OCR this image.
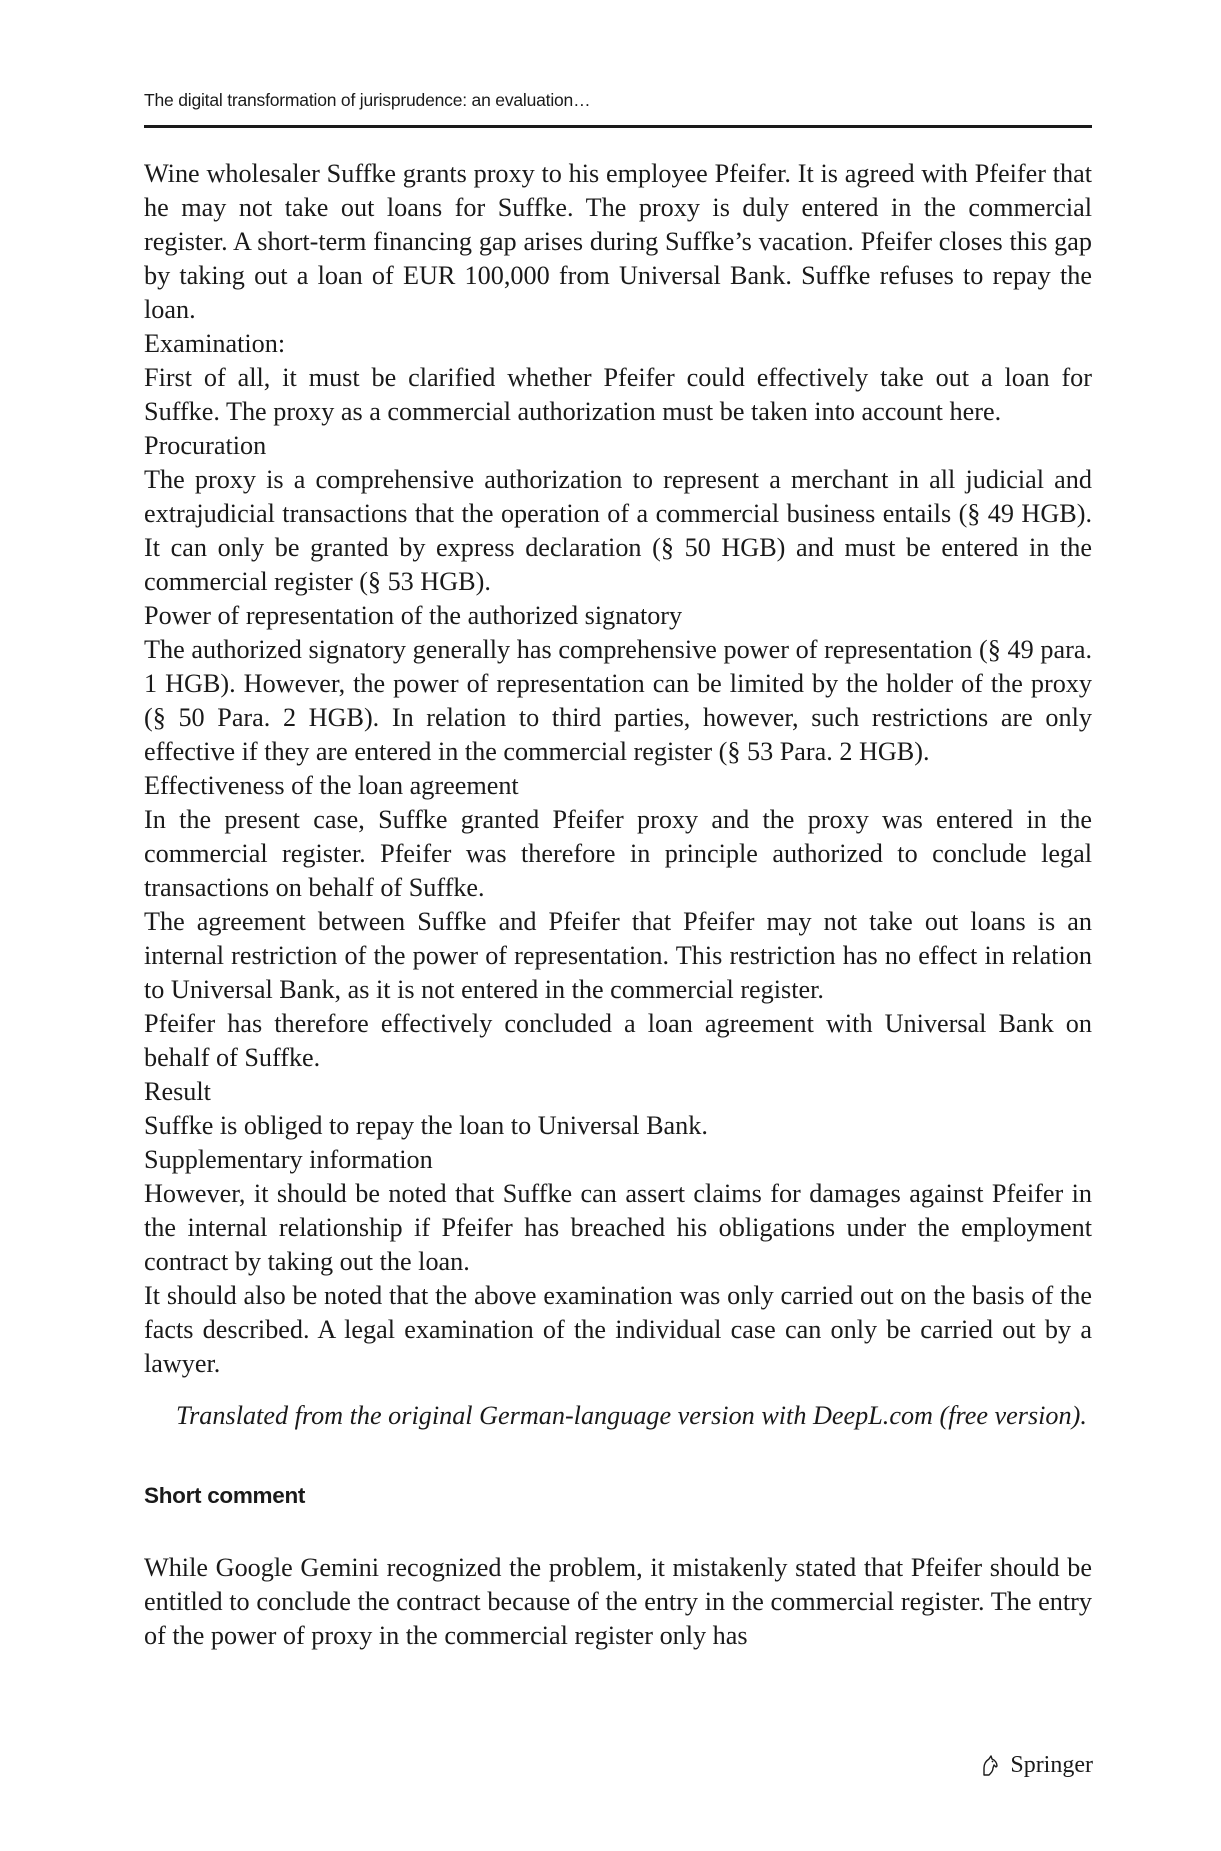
The digital transformation of jurisprudence: an evaluation…

Wine wholesaler Suffke grants proxy to his employee Pfeifer. It is agreed with Pfeifer that he may not take out loans for Suffke. The proxy is duly entered in the commercial register. A short-term financing gap arises during Suffke’s vacation. Pfeifer closes this gap by taking out a loan of EUR 100,000 from Universal Bank. Suffke refuses to repay the loan.

Examination:

First of all, it must be clarified whether Pfeifer could effectively take out a loan for Suffke. The proxy as a commercial authorization must be taken into account here.

Procuration

The proxy is a comprehensive authorization to represent a merchant in all judicial and extrajudicial transactions that the operation of a commercial business entails (§ 49 HGB). It can only be granted by express declaration (§ 50 HGB) and must be entered in the commercial register (§ 53 HGB).

Power of representation of the authorized signatory

The authorized signatory generally has comprehensive power of representation (§ 49 para. 1 HGB). However, the power of representation can be limited by the holder of the proxy (§ 50 Para. 2 HGB). In relation to third parties, however, such restrictions are only effective if they are entered in the commercial register (§ 53 Para. 2 HGB).

Effectiveness of the loan agreement

In the present case, Suffke granted Pfeifer proxy and the proxy was entered in the commercial register. Pfeifer was therefore in principle authorized to conclude legal transactions on behalf of Suffke.

The agreement between Suffke and Pfeifer that Pfeifer may not take out loans is an internal restriction of the power of representation. This restriction has no effect in relation to Universal Bank, as it is not entered in the commercial register.

Pfeifer has therefore effectively concluded a loan agreement with Universal Bank on behalf of Suffke.

Result

Suffke is obliged to repay the loan to Universal Bank.

Supplementary information

However, it should be noted that Suffke can assert claims for damages against Pfeifer in the internal relationship if Pfeifer has breached his obligations under the employment contract by taking out the loan.

It should also be noted that the above examination was only carried out on the basis of the facts described. A legal examination of the individual case can only be carried out by a lawyer.

Translated from the original German-language version with DeepL.com (free version).

Short comment

While Google Gemini recognized the problem, it mistakenly stated that Pfeifer should be entitled to conclude the contract because of the entry in the commercial register. The entry of the power of proxy in the commercial register only has

Springer
